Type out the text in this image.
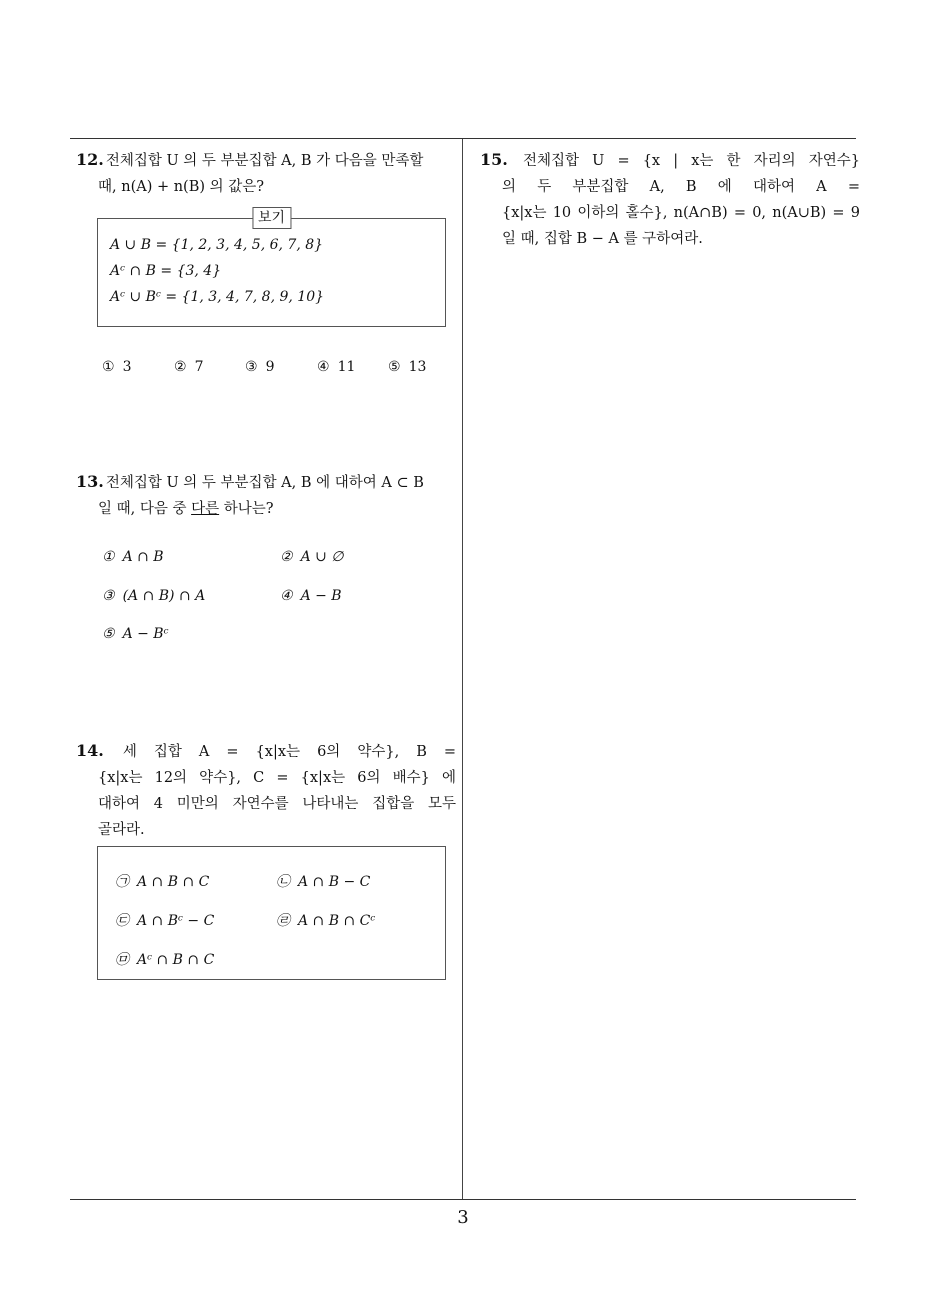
12. 전체집합 U 의 두 부분집합 A, B 가 다음을 만족할
때, n(A) + n(B) 의 값은?
보기
A ∪ B = {1, 2, 3, 4, 5, 6, 7, 8}
Aᶜ ∩ B = {3, 4}
Aᶜ ∪ Bᶜ = {1, 3, 4, 7, 8, 9, 10}
① 3	② 7	③ 9	④ 11 ⑤ 13
13. 전체집합 U 의 두 부분집합 A, B 에 대하여 A ⊂ B
일 때, 다음 중 다른 하나는?
① A ∩ B	② A ∪ ∅
③ (A ∩ B) ∩ A	④ A − B
⑤ A − Bᶜ
14. 세 집합 A = {x|x는 6의 약수}, B =
{x|x는 12의 약수}, C = {x|x는 6의 배수} 에
대하여 4 미만의 자연수를 나타내는 집합을 모두
골라라.
㉠ A ∩ B ∩ C	㉡ A ∩ B − C
㉢ A ∩ Bᶜ − C	㉣ A ∩ B ∩ Cᶜ
㉤ Aᶜ ∩ B ∩ C
15. 전체집합 U = {x | x는 한 자리의 자연수}
의 두 부분집합 A, B 에 대하여 A =
{x|x는 10 이하의 홀수}, n(A∩B) = 0, n(A∪B) = 9
일 때, 집합 B − A 를 구하여라.
3
